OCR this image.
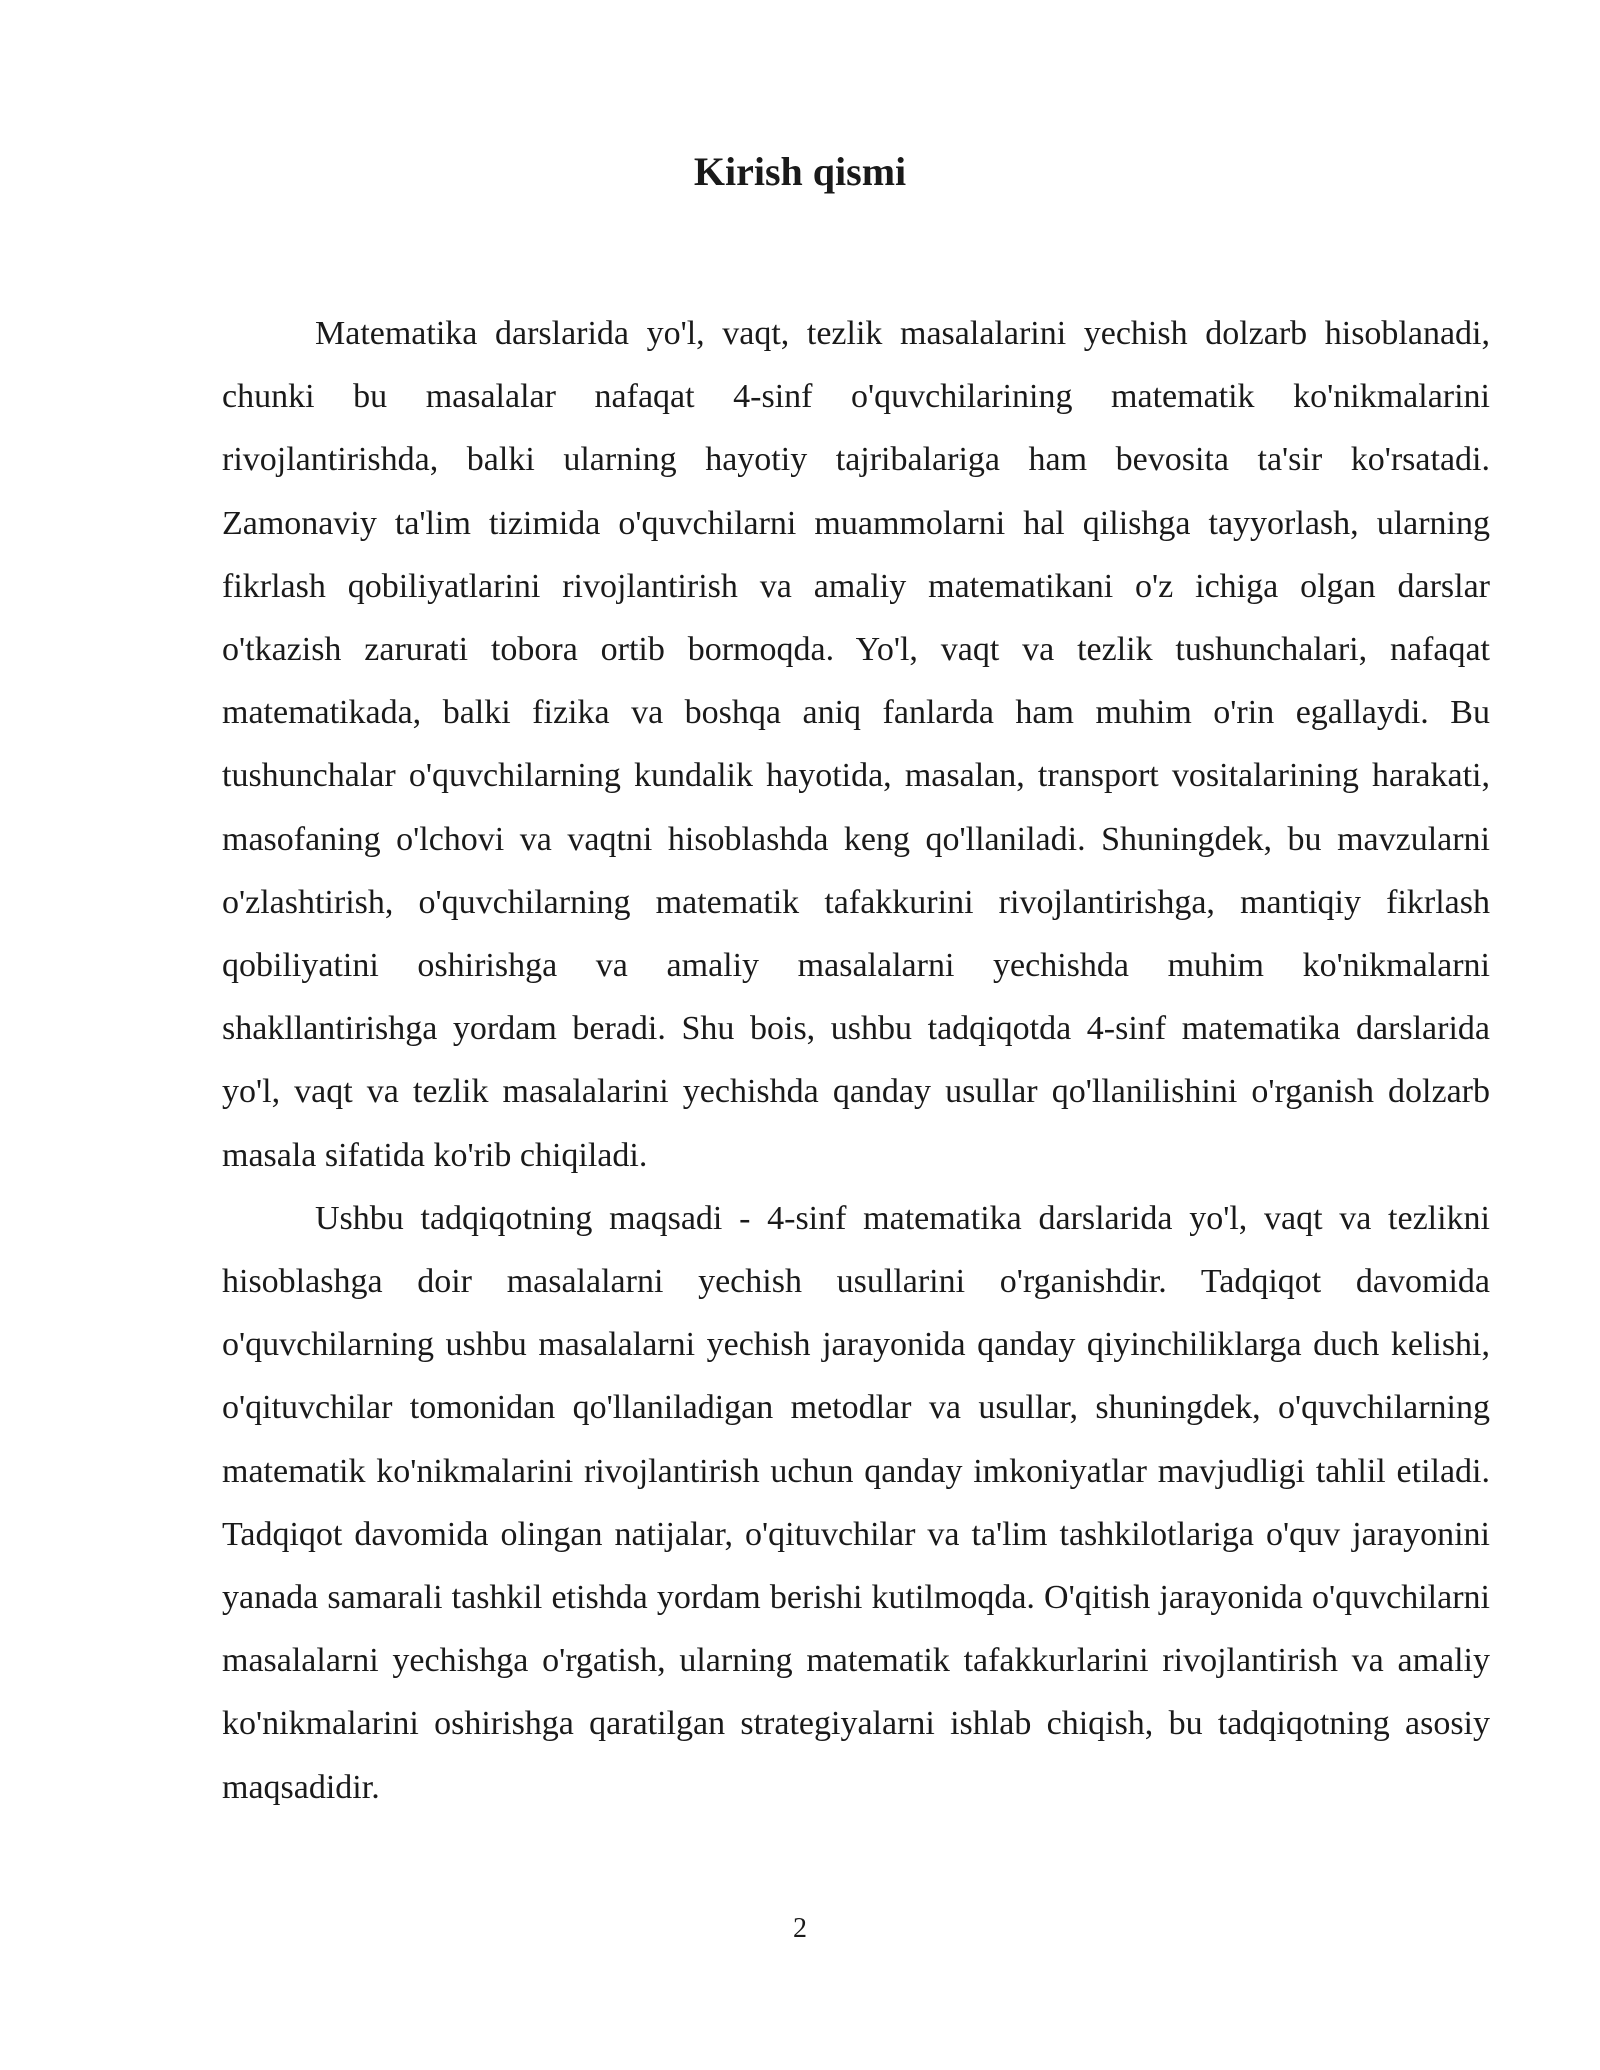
Kirish qismi

Matematika darslarida yo'l, vaqt, tezlik masalalarini yechish dolzarb hisoblanadi, chunki bu masalalar nafaqat 4-sinf o'quvchilarining matematik ko'nikmalarini rivojlantirishda, balki ularning hayotiy tajribalariga ham bevosita ta'sir ko'rsatadi. Zamonaviy ta'lim tizimida o'quvchilarni muammolarni hal qilishga tayyorlash, ularning fikrlash qobiliyatlarini rivojlantirish va amaliy matematikani o'z ichiga olgan darslar o'tkazish zarurati tobora ortib bormoqda. Yo'l, vaqt va tezlik tushunchalari, nafaqat matematikada, balki fizika va boshqa aniq fanlarda ham muhim o'rin egallaydi. Bu tushunchalar o'quvchilarning kundalik hayotida, masalan, transport vositalarining harakati, masofaning o'lchovi va vaqtni hisoblashda keng qo'llaniladi. Shuningdek, bu mavzularni o'zlashtirish, o'quvchilarning matematik tafakkurini rivojlantirishga, mantiqiy fikrlash qobiliyatini oshirishga va amaliy masalalarni yechishda muhim ko'nikmalarni shakllantirishga yordam beradi. Shu bois, ushbu tadqiqotda 4-sinf matematika darslarida yo'l, vaqt va tezlik masalalarini yechishda qanday usullar qo'llanilishini o'rganish dolzarb masala sifatida ko'rib chiqiladi.

Ushbu tadqiqotning maqsadi - 4-sinf matematika darslarida yo'l, vaqt va tezlikni hisoblashga doir masalalarni yechish usullarini o'rganishdir. Tadqiqot davomida o'quvchilarning ushbu masalalarni yechish jarayonida qanday qiyinchiliklarga duch kelishi, o'qituvchilar tomonidan qo'llaniladigan metodlar va usullar, shuningdek, o'quvchilarning matematik ko'nikmalarini rivojlantirish uchun qanday imkoniyatlar mavjudligi tahlil etiladi. Tadqiqot davomida olingan natijalar, o'qituvchilar va ta'lim tashkilotlariga o'quv jarayonini yanada samarali tashkil etishda yordam berishi kutilmoqda. O'qitish jarayonida o'quvchilarni masalalarni yechishga o'rgatish, ularning matematik tafakkurlarini rivojlantirish va amaliy ko'nikmalarini oshirishga qaratilgan strategiyalarni ishlab chiqish, bu tadqiqotning asosiy maqsadidir.

2
